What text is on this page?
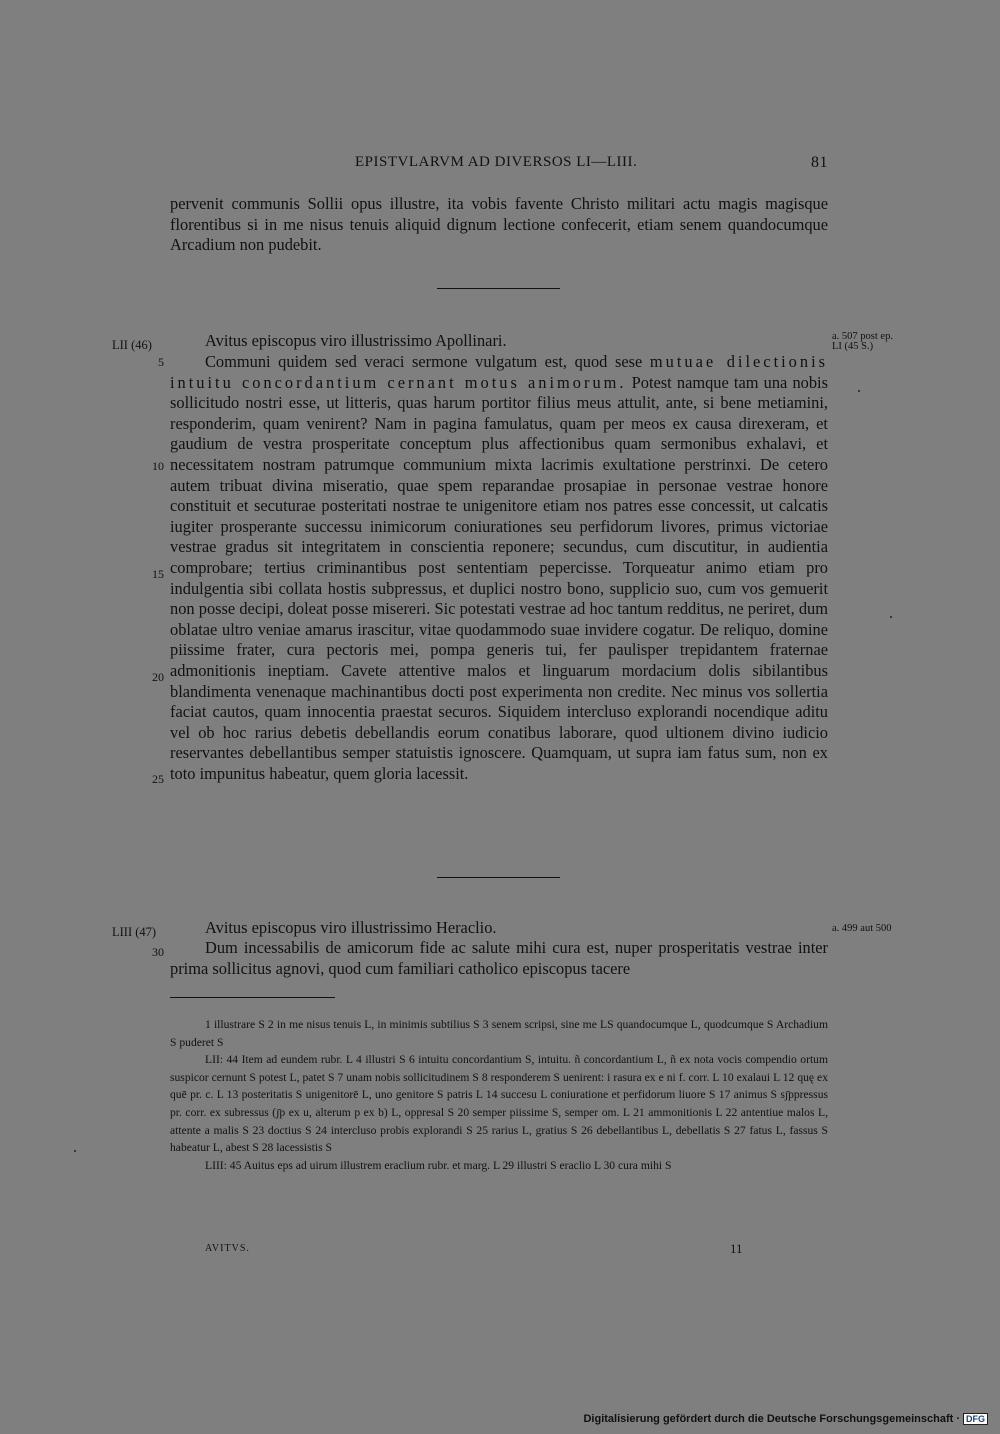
EPISTVLARVM AD DIVERSOS LI—LIII.	81
pervenit communis Sollii opus illustre, ita vobis favente Christo militari actu magis magisque florentibus si in me nisus tenuis aliquid dignum lectione confecerit, etiam senem quandocumque Arcadium non pudebit.
LII (46)	Avitus episcopus viro illustrissimo Apollinari.	a. 507 post ep.
LI (45 S.)
5
10
15
20
25
Communi quidem sed veraci sermone vulgatum est, quod sese mutuae dilectionis intuitu concordantium cernant motus animorum. Potest namque tam una nobis sollicitudo nostri esse, ut litteris, quas harum portitor filius meus attulit, ante, si bene metiamini, responderim, quam venirent? Nam in pagina famulatus, quam per meos ex causa direxeram, et gaudium de vestra prosperitate conceptum plus affectionibus quam sermonibus exhalavi, et necessitatem nostram patrumque communium mixta lacrimis exultatione perstrinxi. De cetero autem tribuat divina miseratio, quae spem reparandae prosapiae in personae vestrae honore constituit et secuturae posteritati nostrae te unigenitore etiam nos patres esse concessit, ut calcatis iugiter prosperante successu inimicorum coniurationes seu perfidorum livores, primus victoriae vestrae gradus sit integritatem in conscientia reponere; secundus, cum discutitur, in audientia comprobare; tertius criminantibus post sententiam pepercisse. Torqueatur animo etiam pro indulgentia sibi collata hostis subpressus, et duplici nostro bono, supplicio suo, cum vos gemuerit non posse decipi, doleat posse misereri. Sic potestati vestrae ad hoc tantum redditus, ne periret, dum oblatae ultro veniae amarus irascitur, vitae quodammodo suae invidere cogatur. De reliquo, domine piissime frater, cura pectoris mei, pompa generis tui, fer paulisper trepidantem fraternae admonitionis ineptiam. Cavete attentive malos et linguarum mordacium dolis sibilantibus blandimenta venenaque machinantibus docti post experimenta non credite. Nec minus vos sollertia faciat cautos, quam innocentia praestat securos. Siquidem intercluso explorandi nocendique aditu vel ob hoc rarius debetis debellandis eorum conatibus laborare, quod ultionem divino iudicio reservantes debellantibus semper statuistis ignoscere. Quamquam, ut supra iam fatus sum, non ex toto impunitus habeatur, quem gloria lacessit.
LIII (47)	Avitus episcopus viro illustrissimo Heraclio.	a. 499 aut 500
30	Dum incessabilis de amicorum fide ac salute mihi cura est, nuper prosperitatis vestrae inter prima sollicitus agnovi, quod cum familiari catholico episcopus tacere

1 illustrare S 2 in me nisus tenuis L, in minimis subtilius S 3 senem scripsi, sine me LS quandocumque L, quodcumque S Archadium S puderet S

LII: 44 Item ad eundem rubr. L 4 illustri S 6 intuitu concordantium S, intuitu. ñ concordantium L, ñ ex nota vocis compendio ortum suspicor cernunt S potest L, patet S 7 unam nobis sollicitudinem S 8 responderem S uenirent: i rasura ex e ni f. corr. L 10 exalaui L 12 quę ex quē pr. c. L 13 posteritatis S unigenitorē L, uno genitore S patris L 14 succesu L coniuratione et perfidorum liuore S 17 animus S sȷ̄ppressus pr. corr. ex subressus (ȷ̄p ex u, alterum p ex b) L, oppresal S 20 semper piissime S, semper om. L 21 ammonitionis L 22 antentiue malos L, attente a malis S 23 doctius S 24 intercluso probis explorandi S 25 rarius L, gratius S 26 debellantibus L, debellatis S 27 fatus L, fassus S habeatur L, abest S 28 lacessistis S

LIII: 45 Auitus eps ad uirum illustrem eraclium rubr. et marg. L 29 illustri S eraclio L 30 cura mihi S

AVITVS.	11
Digitalisierung gefördert durch die Deutsche Forschungsgemeinschaft · DFG
